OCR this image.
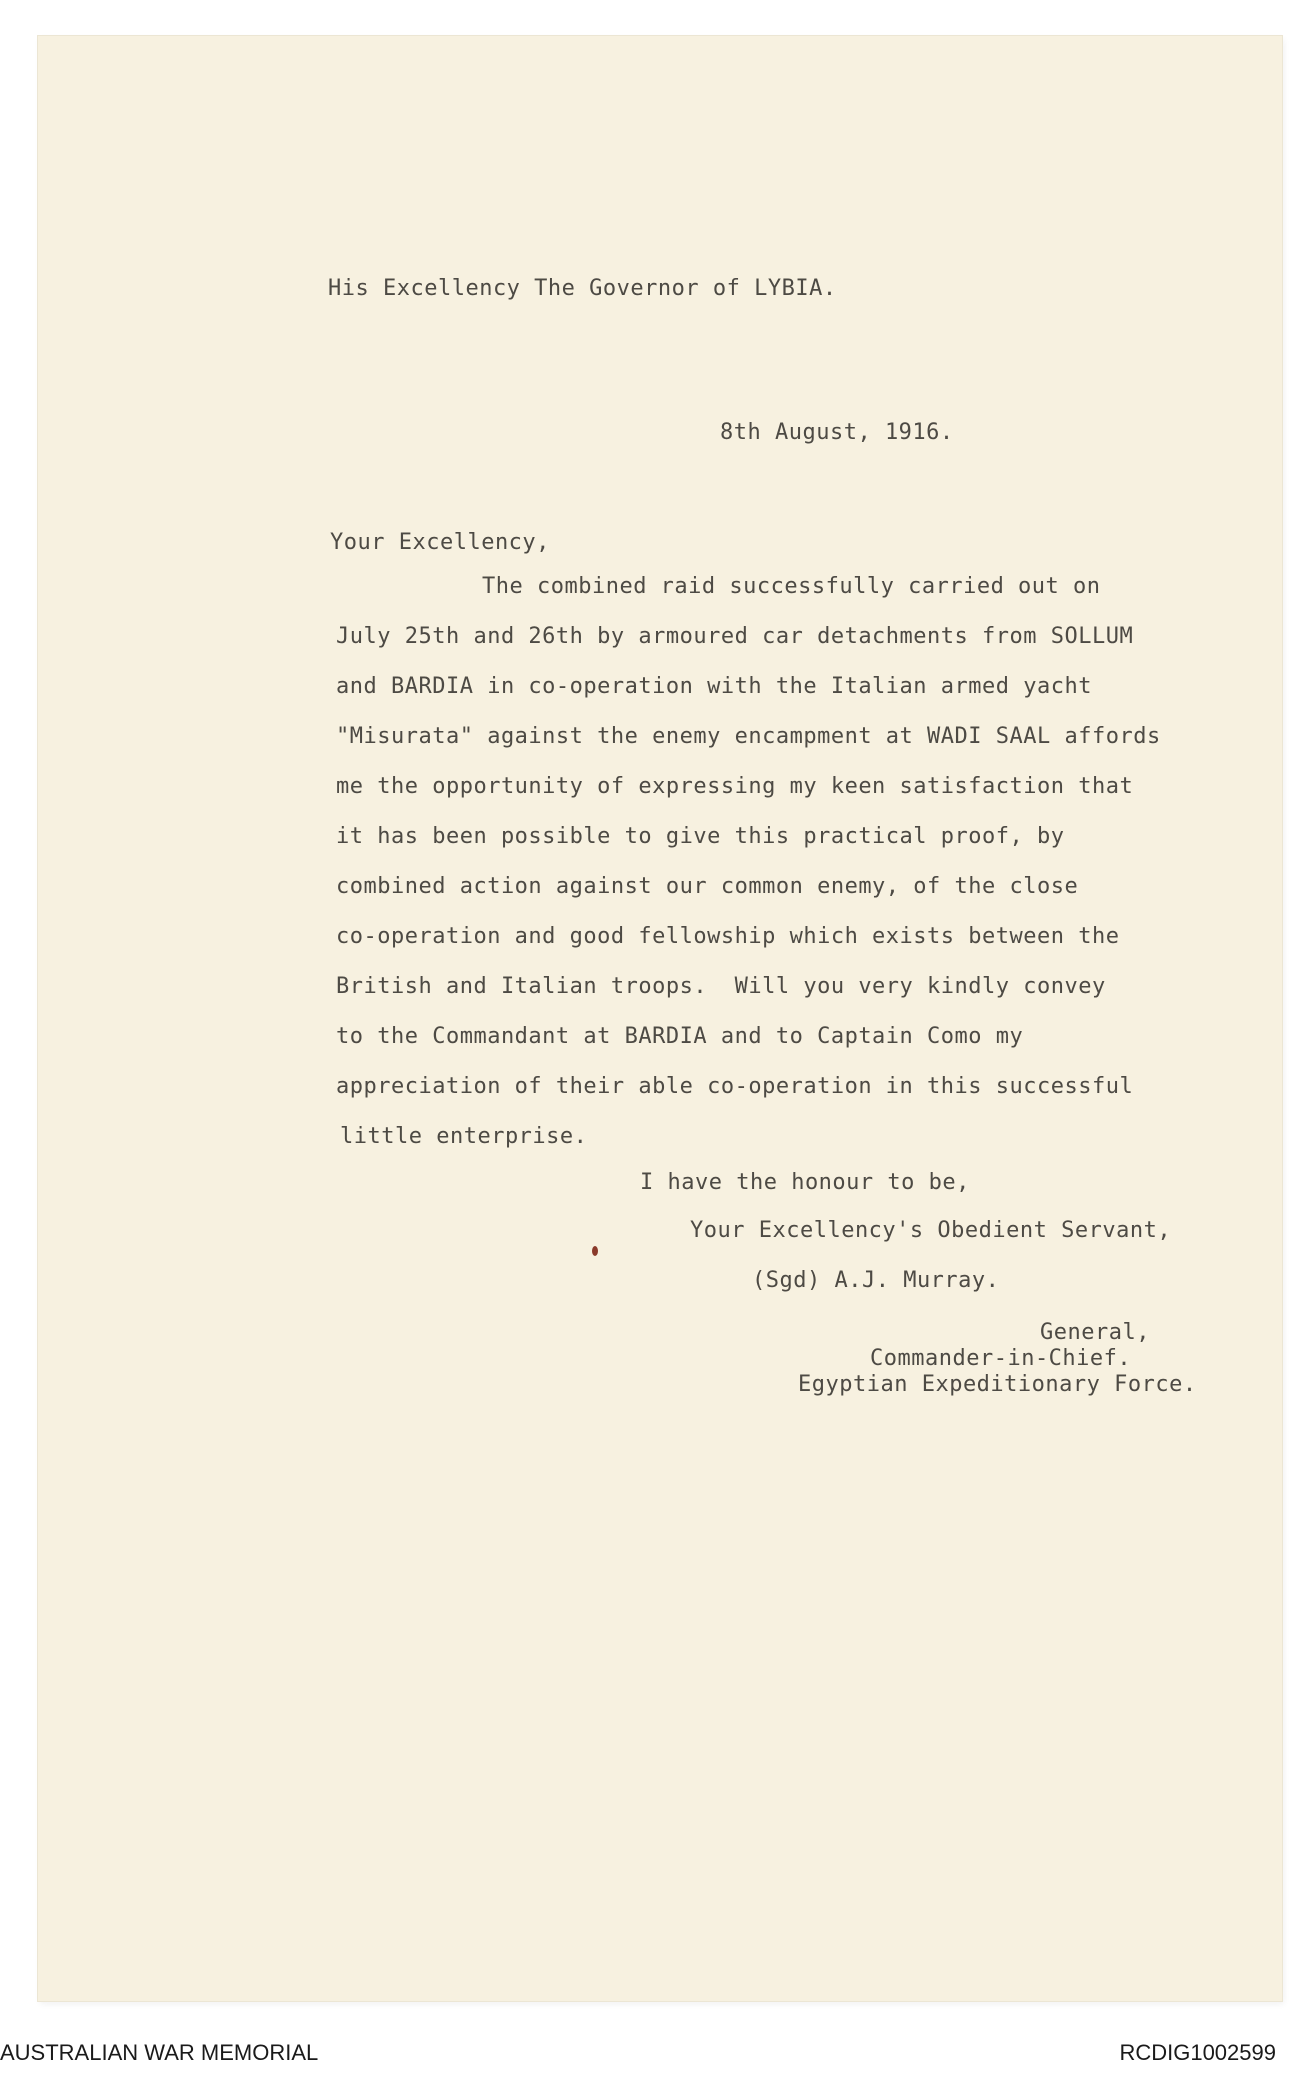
His Excellency The Governor of LYBIA.
8th August, 1916.
Your Excellency,
The combined raid successfully carried out on
July 25th and 26th by armoured car detachments from SOLLUM
and BARDIA in co-operation with the Italian armed yacht
"Misurata" against the enemy encampment at WADI SAAL affords
me the opportunity of expressing my keen satisfaction that
it has been possible to give this practical proof, by
combined action against our common enemy, of the close
co-operation and good fellowship which exists between the
British and Italian troops.  Will you very kindly convey
to the Commandant at BARDIA and to Captain Como my
appreciation of their able co-operation in this successful
little enterprise.
I have the honour to be,
Your Excellency's Obedient Servant,
(Sgd) A.J. Murray.
General,
Commander-in-Chief.
Egyptian Expeditionary Force.
AUSTRALIAN WAR MEMORIAL	RCDIG1002599
